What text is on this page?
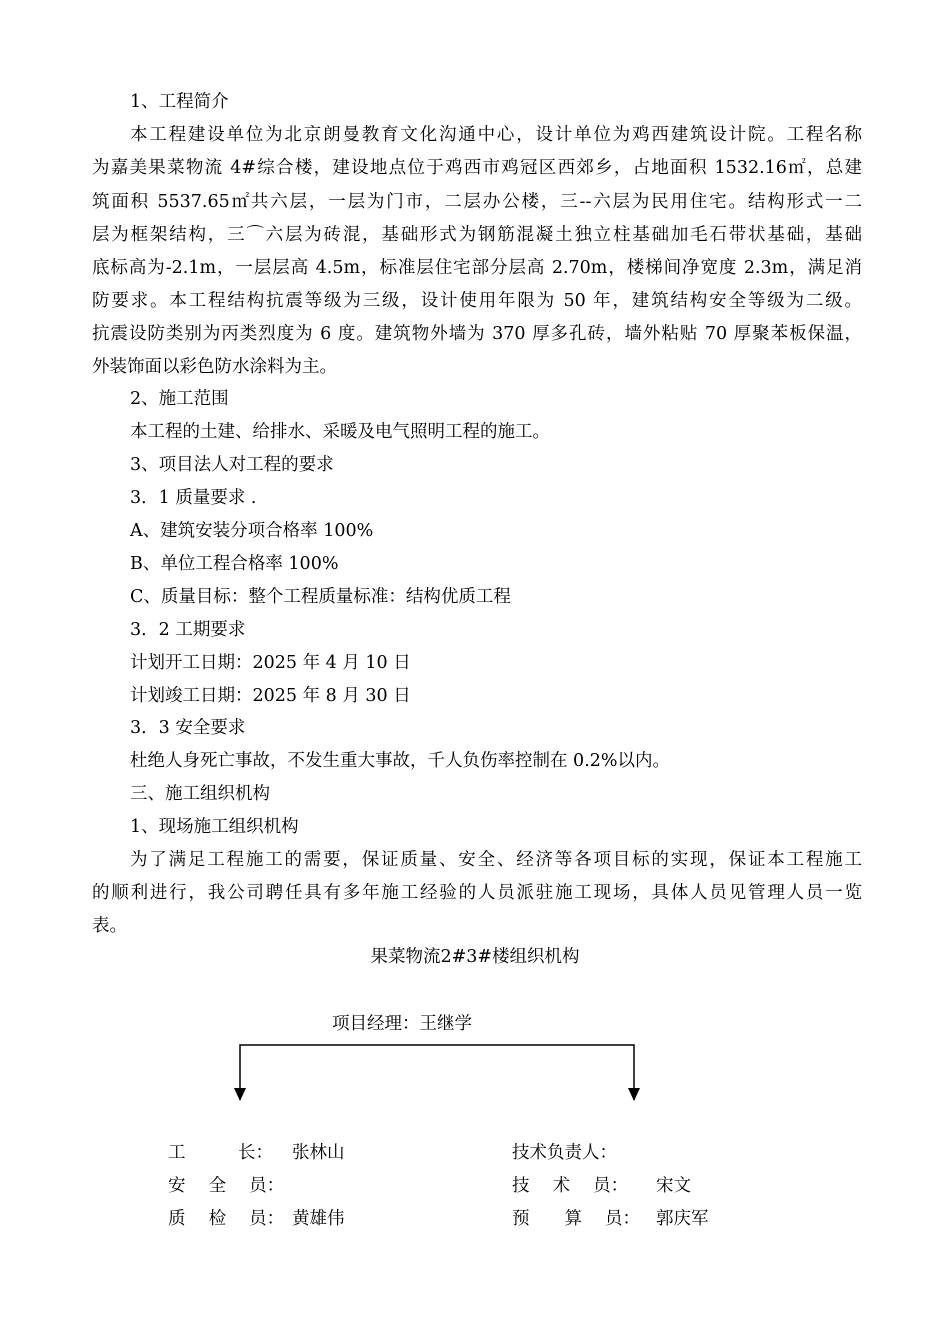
1、工程简介
本工程建设单位为北京朗曼教育文化沟通中心，设计单位为鸡西建筑设计院。工程名称
为嘉美果菜物流 4#综合楼，建设地点位于鸡西市鸡冠区西郊乡，占地面积 1532.16㎡，总建
筑面积 5537.65㎡共六层，一层为门市，二层办公楼，三--六层为民用住宅。结构形式一二
层为框架结构，三⌒六层为砖混，基础形式为钢筋混凝土独立柱基础加毛石带状基础，基础
底标高为-2.1m，一层层高 4.5m，标准层住宅部分层高 2.70m，楼梯间净宽度 2.3m，满足消
防要求。本工程结构抗震等级为三级，设计使用年限为 50 年，建筑结构安全等级为二级。
抗震设防类别为丙类烈度为 6 度。建筑物外墙为 370 厚多孔砖，墙外粘贴 70 厚聚苯板保温，
外装饰面以彩色防水涂料为主。
2、施工范围
本工程的土建、给排水、采暖及电气照明工程的施工。
3、项目法人对工程的要求
3．1 质量要求 .
A、建筑安装分项合格率 100%
B、单位工程合格率 100%
C、质量目标：整个工程质量标准：结构优质工程
3．2 工期要求
计划开工日期：2025 年 4 月 10 日
计划竣工日期：2025 年 8 月 30 日
3．3 安全要求
杜绝人身死亡事故，不发生重大事故，千人负伤率控制在 0.2%以内。
三、施工组织机构
1、现场施工组织机构
为了满足工程施工的需要，保证质量、安全、经济等各项目标的实现，保证本工程施工
的顺利进行，我公司聘任具有多年施工经验的人员派驻施工现场，具体人员见管理人员一览
表。
果菜物流2#3#楼组织机构
项目经理：王继学
工　　　长： 张林山
安　 全　 员：
质　 检　 员： 黄雄伟
技术负责人：
技　 术　 员： 宋文
预　　算　 员： 郭庆军
